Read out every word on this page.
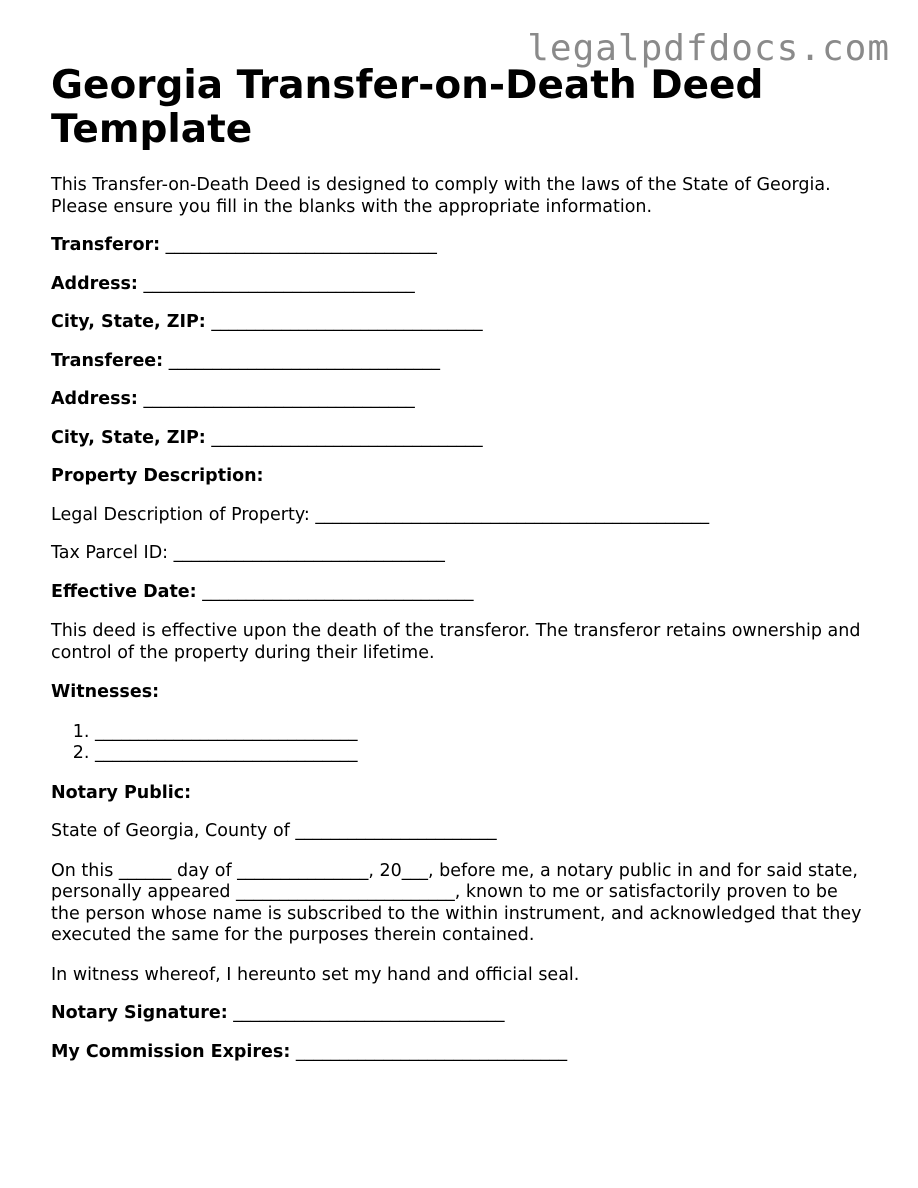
legalpdfdocs.com
Georgia Transfer-on-Death Deed Template

This Transfer-on-Death Deed is designed to comply with the laws of the State of Georgia. Please ensure you fill in the blanks with the appropriate information.

Transferor: _______________________________

Address: _______________________________

City, State, ZIP: _______________________________

Transferee: _______________________________

Address: _______________________________

City, State, ZIP: _______________________________

Property Description:

Legal Description of Property: _____________________________________________

Tax Parcel ID: _______________________________

Effective Date: _______________________________

This deed is effective upon the death of the transferor. The transferor retains ownership and control of the property during their lifetime.

Witnesses:

1. ______________________________
2. ______________________________

Notary Public:

State of Georgia, County of _______________________

On this ______ day of _______________, 20___, before me, a notary public in and for said state, personally appeared _________________________, known to me or satisfactorily proven to be the person whose name is subscribed to the within instrument, and acknowledged that they executed the same for the purposes therein contained.

In witness whereof, I hereunto set my hand and official seal.

Notary Signature: _______________________________

My Commission Expires: _______________________________
